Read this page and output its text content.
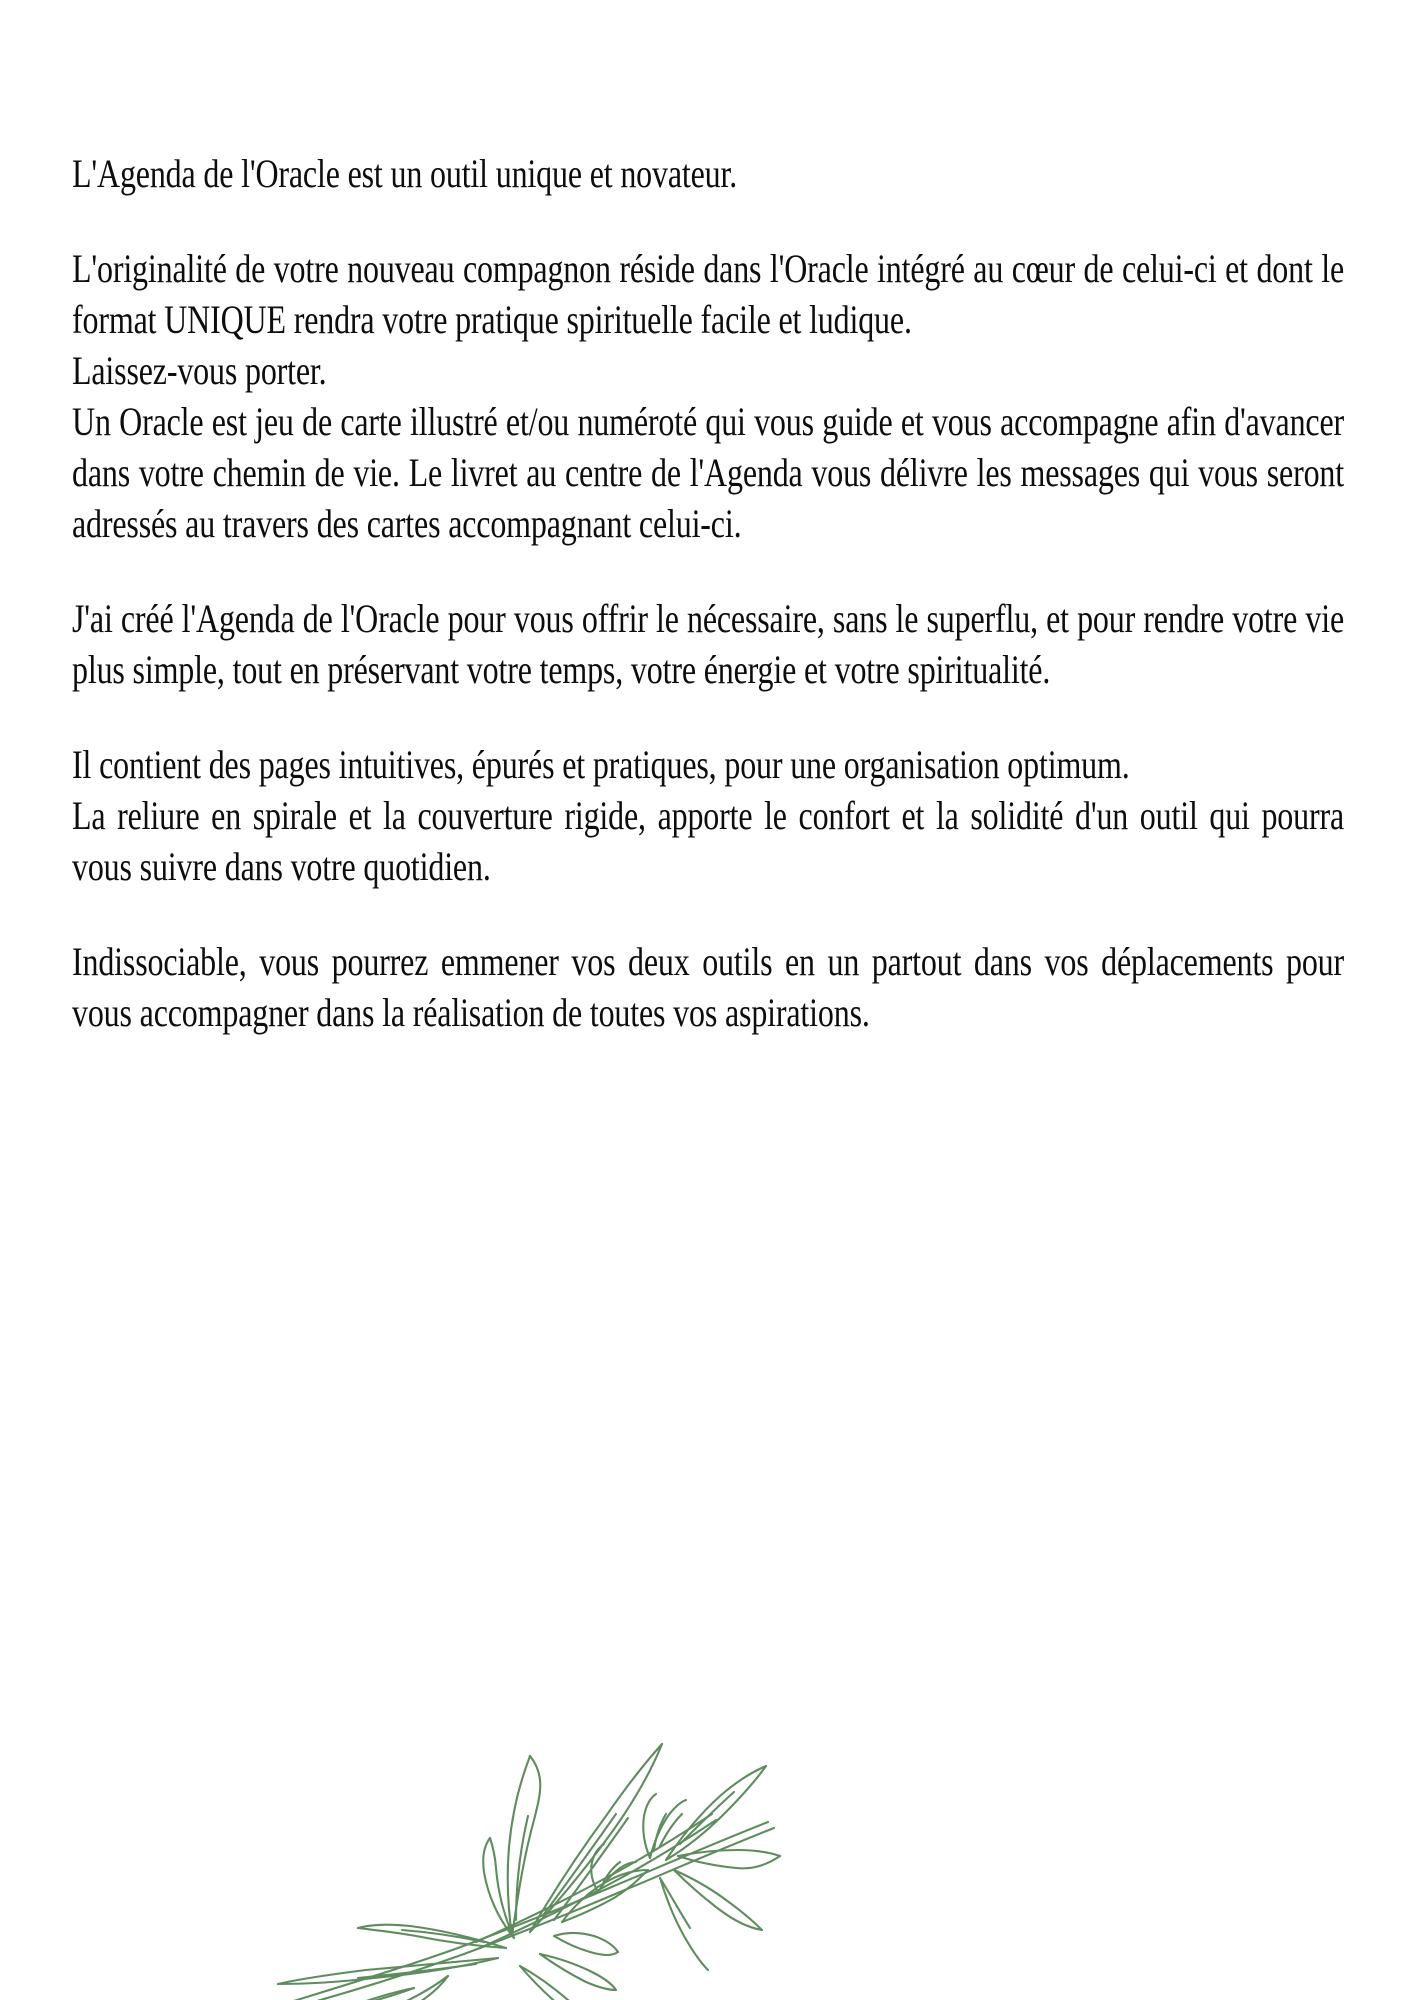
L'Agenda de l'Oracle est un outil unique et novateur.

L'originalité de votre nouveau compagnon réside dans l'Oracle intégré au cœur de celui-ci et dont le format UNIQUE rendra votre pratique spirituelle facile et ludique.

Laissez-vous porter.

Un Oracle est jeu de carte illustré et/ou numéroté qui vous guide et vous accompagne afin d'avancer dans votre chemin de vie. Le livret au centre de l'Agenda vous délivre les messages qui vous seront adressés au travers des cartes accompagnant celui-ci.

J'ai créé l'Agenda de l'Oracle pour vous offrir le nécessaire, sans le superflu, et pour rendre votre vie plus simple, tout en préservant votre temps, votre énergie et votre spiritualité.

Il contient des pages intuitives, épurés et pratiques, pour une organisation optimum.

La reliure en spirale et la couverture rigide, apporte le confort et la solidité d'un outil qui pourra vous suivre dans votre quotidien.

Indissociable, vous pourrez emmener vos deux outils en un partout dans vos déplacements pour vous accompagner dans la réalisation de toutes vos aspirations.
